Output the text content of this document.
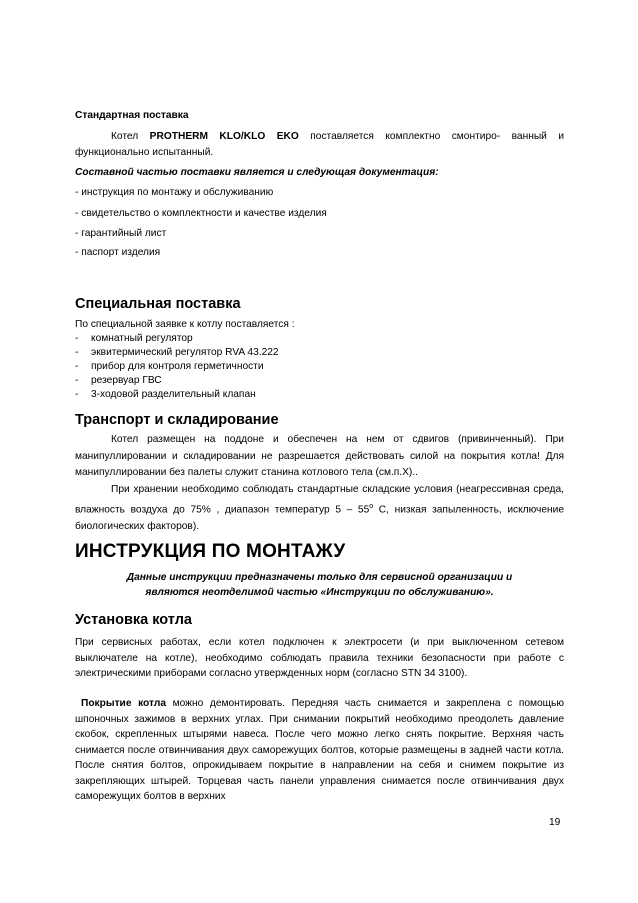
Стандартная поставка
Котел PROTHERM KLO/KLO EKO поставляется комплектно смонтиро- ванный и функционально испытанный.
Составной частью поставки является и следующая документация:
- инструкция по монтажу и обслуживанию
- свидетельство о комплектности и качестве изделия
- гарантийный лист
- паспорт изделия
Специальная поставка
По специальной заявке к котлу поставляется :
- комнатный регулятор
- эквитермический регулятор RVA 43.222
- прибор для контроля герметичности
- резервуар ГВС
- 3-ходовой разделительный клапан
Транспорт и складирование
Котел размещен на поддоне и обеспечен на нем от сдвигов (привинченный). При манипуллировании и складировании не разрешается действовать силой на покрытия котла! Для манипуллировании без палеты служит станина котлового тела (см.п.Х)..
При хранении необходимо соблюдать стандартные складские условия (неагрессивная среда, влажность воздуха до 75% , диапазон температур $5 - 55^о$ C, низкая запыленность, исключение биологических факторов).
ИНСТРУКЦИЯ ПО МОНТАЖУ
Данные инструкции предназначены только для сервисной организации и являются неотделимой частью «Инструкции по обслуживанию».
Установка котла
При сервисных работах, если котел подключен к электросети (и при выключенном сетевом выключателе на котле), необходимо соблюдать правила техники безопасности при работе с электрическими приборами согласно утвержденных норм (согласно STN 34 3100).
Покрытие котла можно демонтировать. Передняя часть снимается и закреплена с помощью шпоночных зажимов в верхних углах. При снимании покрытий необходимо преодолеть давление скобок, скрепленных штырями навеса. После чего можно легко снять покрытие. Верхняя часть снимается после отвинчивания двух саморежущих болтов, которые размещены в задней части котла. После снятия болтов, опрокидываем покрытие в направлении на себя и снимем покрытие из закрепляющих штырей. Торцевая часть панели управления снимается после отвинчивания двух саморежущих болтов в верхних
19
